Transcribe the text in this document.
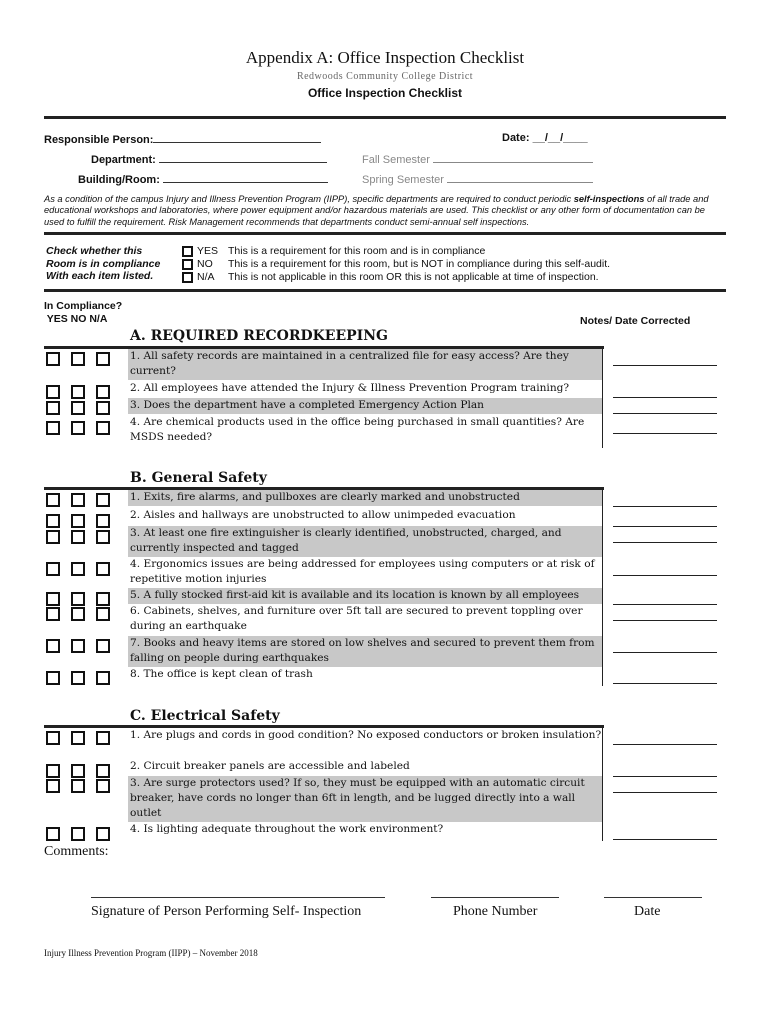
Appendix A: Office Inspection Checklist
Redwoods Community College District
Office Inspection Checklist
Responsible Person:	Date: __/__/____
Department:	Fall Semester
Building/Room:	Spring Semester
As a condition of the campus Injury and Illness Prevention Program (IIPP), specific departments are required to conduct periodic self-inspections of all trade and educational workshops and laboratories, where power equipment and/or hazardous materials are used. This checklist or any other form of documentation can be used to fulfill the requirement. Risk Management recommends that departments conduct semi-annual self inspections.
Check whether this
Room is in compliance
With each item listed.
YES
NO
N/A
This is a requirement for this room and is in compliance
This is a requirement for this room, but is NOT in compliance during this self-audit.
This is not applicable in this room OR this is not applicable at time of inspection.
In Compliance?
YES NO N/A	Notes/ Date Corrected
A. REQUIRED RECORDKEEPING
1. All safety records are maintained in a centralized file for easy access? Are they current?
2. All employees have attended the Injury & Illness Prevention Program training?
3. Does the department have a completed Emergency Action Plan
4. Are chemical products used in the office being purchased in small quantities? Are MSDS needed?
B. General Safety
1. Exits, fire alarms, and pullboxes are clearly marked and unobstructed
2. Aisles and hallways are unobstructed to allow unimpeded evacuation
3. At least one fire extinguisher is clearly identified, unobstructed, charged, and currently inspected and tagged
4. Ergonomics issues are being addressed for employees using computers or at risk of repetitive motion injuries
5. A fully stocked first-aid kit is available and its location is known by all employees
6. Cabinets, shelves, and furniture over 5ft tall are secured to prevent toppling over during an earthquake
7. Books and heavy items are stored on low shelves and secured to prevent them from falling on people during earthquakes
8. The office is kept clean of trash
C. Electrical Safety
1. Are plugs and cords in good condition? No exposed conductors or broken insulation?
2. Circuit breaker panels are accessible and labeled
3. Are surge protectors used? If so, they must be equipped with an automatic circuit breaker, have cords no longer than 6ft in length, and be lugged directly into a wall outlet
4. Is lighting adequate throughout the work environment?
Comments:
Signature of Person Performing Self- Inspection	Phone Number	Date
Injury Illness Prevention Program (IIPP) – November 2018
